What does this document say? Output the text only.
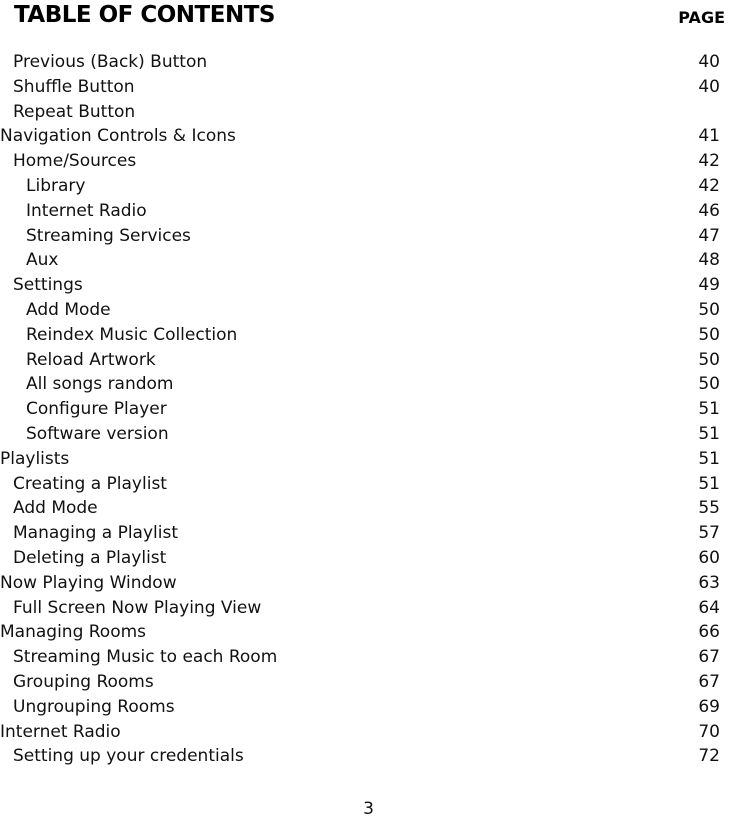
TABLE OF CONTENTS	PAGE
Previous (Back) Button	40
Shuffle Button	40
Repeat Button
Navigation Controls & Icons	41
Home/Sources	42
Library	42
Internet Radio	46
Streaming Services	47
Aux	48
Settings	49
Add Mode	50
Reindex Music Collection	50
Reload Artwork	50
All songs random	50
Configure Player	51
Software version	51
Playlists	51
Creating a Playlist	51
Add Mode	55
Managing a Playlist	57
Deleting a Playlist	60
Now Playing Window	63
Full Screen Now Playing View	64
Managing Rooms	66
Streaming Music to each Room	67
Grouping Rooms	67
Ungrouping Rooms	69
Internet Radio	70
Setting up your credentials	72
3
